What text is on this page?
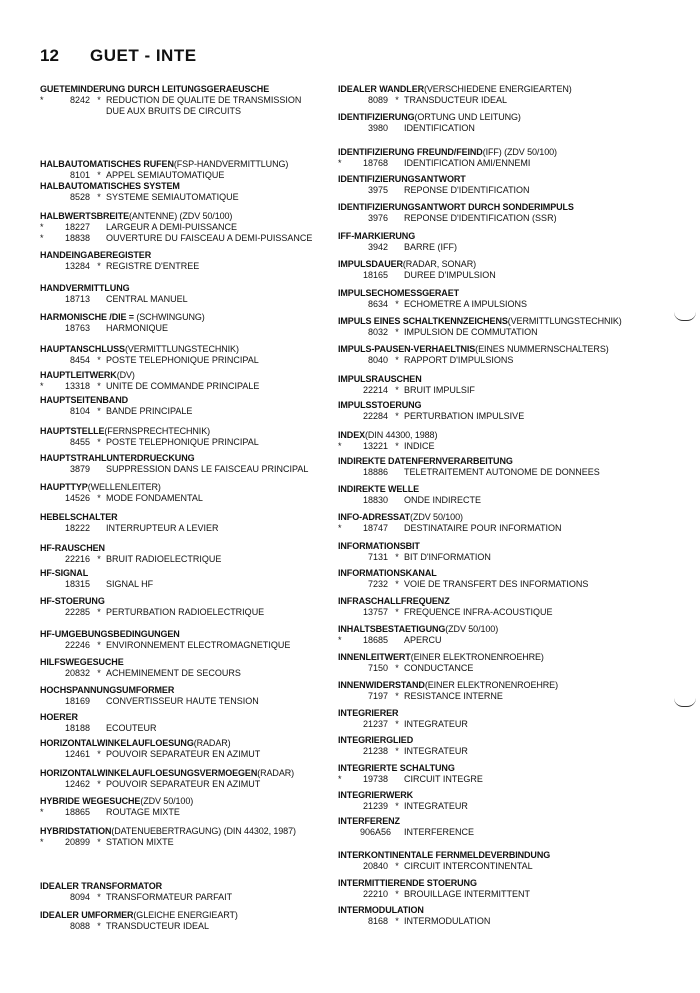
12 GUET - INTE
GUETEMINDERUNG DURCH LEITUNGSGERAEUSCHE
*	8242 * REDUCTION DE QUALITE DE TRANSMISSION
DUE AUX BRUITS DE CIRCUITS
HALBAUTOMATISCHES RUFEN(FSP-HANDVERMITTLUNG)
8101 * APPEL SEMIAUTOMATIQUE
HALBAUTOMATISCHES SYSTEM
8528 * SYSTEME SEMIAUTOMATIQUE
HALBWERTSBREITE(ANTENNE) (ZDV 50/100)
*	18227 LARGEUR A DEMI-PUISSANCE
*	18838 OUVERTURE DU FAISCEAU A DEMI-PUISSANCE
HANDEINGABEREGISTER
13284 * REGISTRE D'ENTREE
HANDVERMITTLUNG
18713 CENTRAL MANUEL
HARMONISCHE /DIE = (SCHWINGUNG)
18763 HARMONIQUE
HAUPTANSCHLUSS(VERMITTLUNGSTECHNIK)
8454 * POSTE TELEPHONIQUE PRINCIPAL
HAUPTLEITWERK(DV)
*	13318 * UNITE DE COMMANDE PRINCIPALE
HAUPTSEITENBAND
8104 * BANDE PRINCIPALE
HAUPTSTELLE(FERNSPRECHTECHNIK)
8455 * POSTE TELEPHONIQUE PRINCIPAL
HAUPTSTRAHLUNTERDRUECKUNG
3879 SUPPRESSION DANS LE FAISCEAU PRINCIPAL
HAUPTTYP(WELLENLEITER)
14526 * MODE FONDAMENTAL
HEBELSCHALTER
18222 INTERRUPTEUR A LEVIER
HF-RAUSCHEN
22216 * BRUIT RADIOELECTRIQUE
HF-SIGNAL
18315 SIGNAL HF
HF-STOERUNG
22285 * PERTURBATION RADIOELECTRIQUE
HF-UMGEBUNGSBEDINGUNGEN
22246 * ENVIRONNEMENT ELECTROMAGNETIQUE
HILFSWEGESUCHE
20832 * ACHEMINEMENT DE SECOURS
HOCHSPANNUNGSUMFORMER
18169 CONVERTISSEUR HAUTE TENSION
HOERER
18188 ECOUTEUR
HORIZONTALWINKELAUFLOESUNG(RADAR)
12461 * POUVOIR SEPARATEUR EN AZIMUT
HORIZONTALWINKELAUFLOESUNGSVERMOEGEN(RADAR)
12462 * POUVOIR SEPARATEUR EN AZIMUT
HYBRIDE WEGESUCHE(ZDV 50/100)
*	18865 ROUTAGE MIXTE
HYBRIDSTATION(DATENUEBERTRAGUNG) (DIN 44302, 1987)
*	20899 * STATION MIXTE
IDEALER TRANSFORMATOR
8094 * TRANSFORMATEUR PARFAIT
IDEALER UMFORMER(GLEICHE ENERGIEART)
8088 * TRANSDUCTEUR IDEAL
IDEALER WANDLER(VERSCHIEDENE ENERGIEARTEN)
8089 * TRANSDUCTEUR IDEAL
IDENTIFIZIERUNG(ORTUNG UND LEITUNG)
3980 IDENTIFICATION
IDENTIFIZIERUNG FREUND/FEIND(IFF) (ZDV 50/100)
*	18768 IDENTIFICATION AMI/ENNEMI
IDENTIFIZIERUNGSANTWORT
3975 REPONSE D'IDENTIFICATION
IDENTIFIZIERUNGSANTWORT DURCH SONDERIMPULS
3976 REPONSE D'IDENTIFICATION (SSR)
IFF-MARKIERUNG
3942 BARRE (IFF)
IMPULSDAUER(RADAR, SONAR)
18165 DUREE D'IMPULSION
IMPULSECHOMESSGERAET
8634 * ECHOMETRE A IMPULSIONS
IMPULS EINES SCHALTKENNZEICHENS(VERMITTLUNGSTECHNIK)
8032 * IMPULSION DE COMMUTATION
IMPULS-PAUSEN-VERHAELTNIS(EINES NUMMERNSCHALTERS)
8040 * RAPPORT D'IMPULSIONS
IMPULSRAUSCHEN
22214 * BRUIT IMPULSIF
IMPULSSTOERUNG
22284 * PERTURBATION IMPULSIVE
INDEX(DIN 44300, 1988)
*	13221 * INDICE
INDIREKTE DATENFERNVERARBEITUNG
18886 TELETRAITEMENT AUTONOME DE DONNEES
INDIREKTE WELLE
18830 ONDE INDIRECTE
INFO-ADRESSAT(ZDV 50/100)
*	18747 DESTINATAIRE POUR INFORMATION
INFORMATIONSBIT
7131 * BIT D'INFORMATION
INFORMATIONSKANAL
7232 * VOIE DE TRANSFERT DES INFORMATIONS
INFRASCHALLFREQUENZ
13757 * FREQUENCE INFRA-ACOUSTIQUE
INHALTSBESTAETIGUNG(ZDV 50/100)
*	18685 APERCU
INNENLEITWERT(EINER ELEKTRONENROEHRE)
7150 * CONDUCTANCE
INNENWIDERSTAND(EINER ELEKTRONENROEHRE)
7197 * RESISTANCE INTERNE
INTEGRIERER
21237 * INTEGRATEUR
INTEGRIERGLIED
21238 * INTEGRATEUR
INTEGRIERTE SCHALTUNG
*	19738 CIRCUIT INTEGRE
INTEGRIERWERK
21239 * INTEGRATEUR
INTERFERENZ
906A56 INTERFERENCE
INTERKONTINENTALE FERNMELDEVERBINDUNG
20840 * CIRCUIT INTERCONTINENTAL
INTERMITTIERENDE STOERUNG
22210 * BROUILLAGE INTERMITTENT
INTERMODULATION
8168 * INTERMODULATION
